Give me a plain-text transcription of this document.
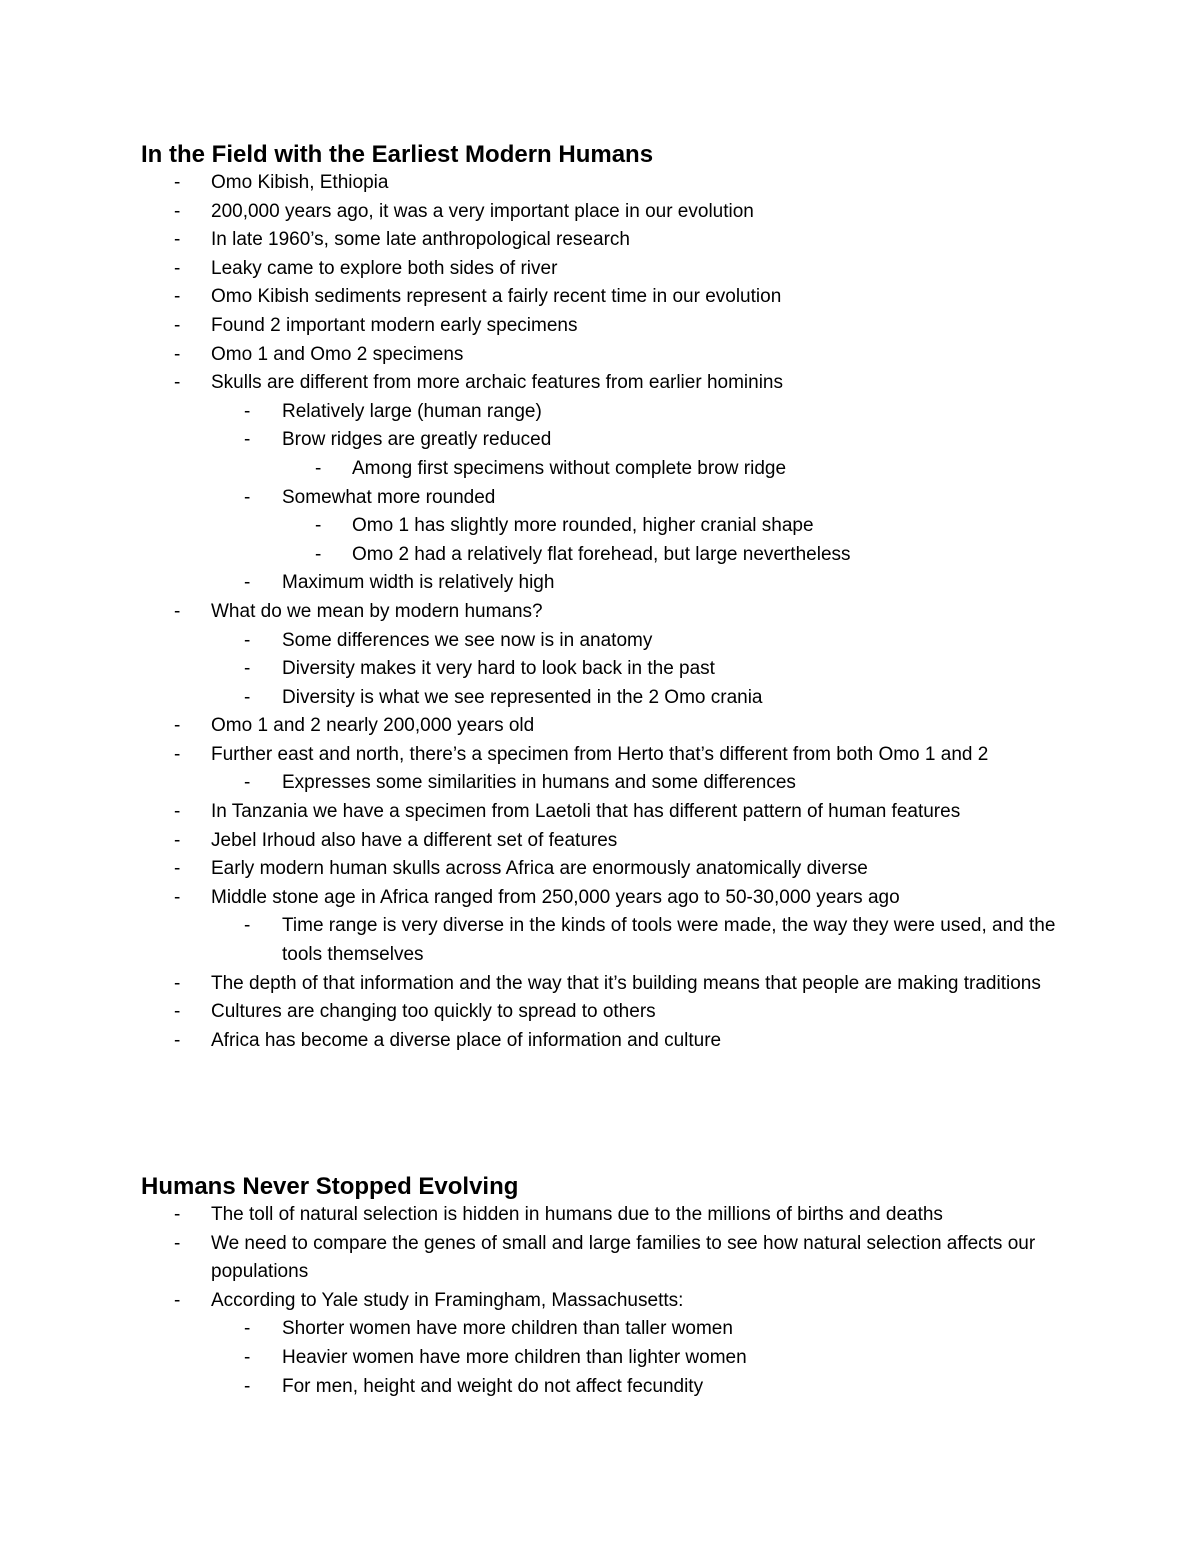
In the Field with the Earliest Modern Humans
-	Omo Kibish, Ethiopia
-	200,000 years ago, it was a very important place in our evolution
-	In late 1960’s, some late anthropological research
-	Leaky came to explore both sides of river
-	Omo Kibish sediments represent a fairly recent time in our evolution
-	Found 2 important modern early specimens
-	Omo 1 and Omo 2 specimens
-	Skulls are different from more archaic features from earlier hominins
-	Relatively large (human range)
-	Brow ridges are greatly reduced
-	Among first specimens without complete brow ridge
-	Somewhat more rounded
-	Omo 1 has slightly more rounded, higher cranial shape
-	Omo 2 had a relatively flat forehead, but large nevertheless
-	Maximum width is relatively high
-	What do we mean by modern humans?
-	Some differences we see now is in anatomy
-	Diversity makes it very hard to look back in the past
-	Diversity is what we see represented in the 2 Omo crania
-	Omo 1 and 2 nearly 200,000 years old
-	Further east and north, there’s a specimen from Herto that’s different from both Omo 1 and 2
-	Expresses some similarities in humans and some differences
-	In Tanzania we have a specimen from Laetoli that has different pattern of human features
-	Jebel Irhoud also have a different set of features
-	Early modern human skulls across Africa are enormously anatomically diverse
-	Middle stone age in Africa ranged from 250,000 years ago to 50-30,000 years ago
-	Time range is very diverse in the kinds of tools were made, the way they were used, and the tools themselves
-	The depth of that information and the way that it’s building means that people are making traditions
-	Cultures are changing too quickly to spread to others
-	Africa has become a diverse place of information and culture
Humans Never Stopped Evolving
-	The toll of natural selection is hidden in humans due to the millions of births and deaths
-	We need to compare the genes of small and large families to see how natural selection affects our populations
-	According to Yale study in Framingham, Massachusetts:
-	Shorter women have more children than taller women
-	Heavier women have more children than lighter women
-	For men, height and weight do not affect fecundity
